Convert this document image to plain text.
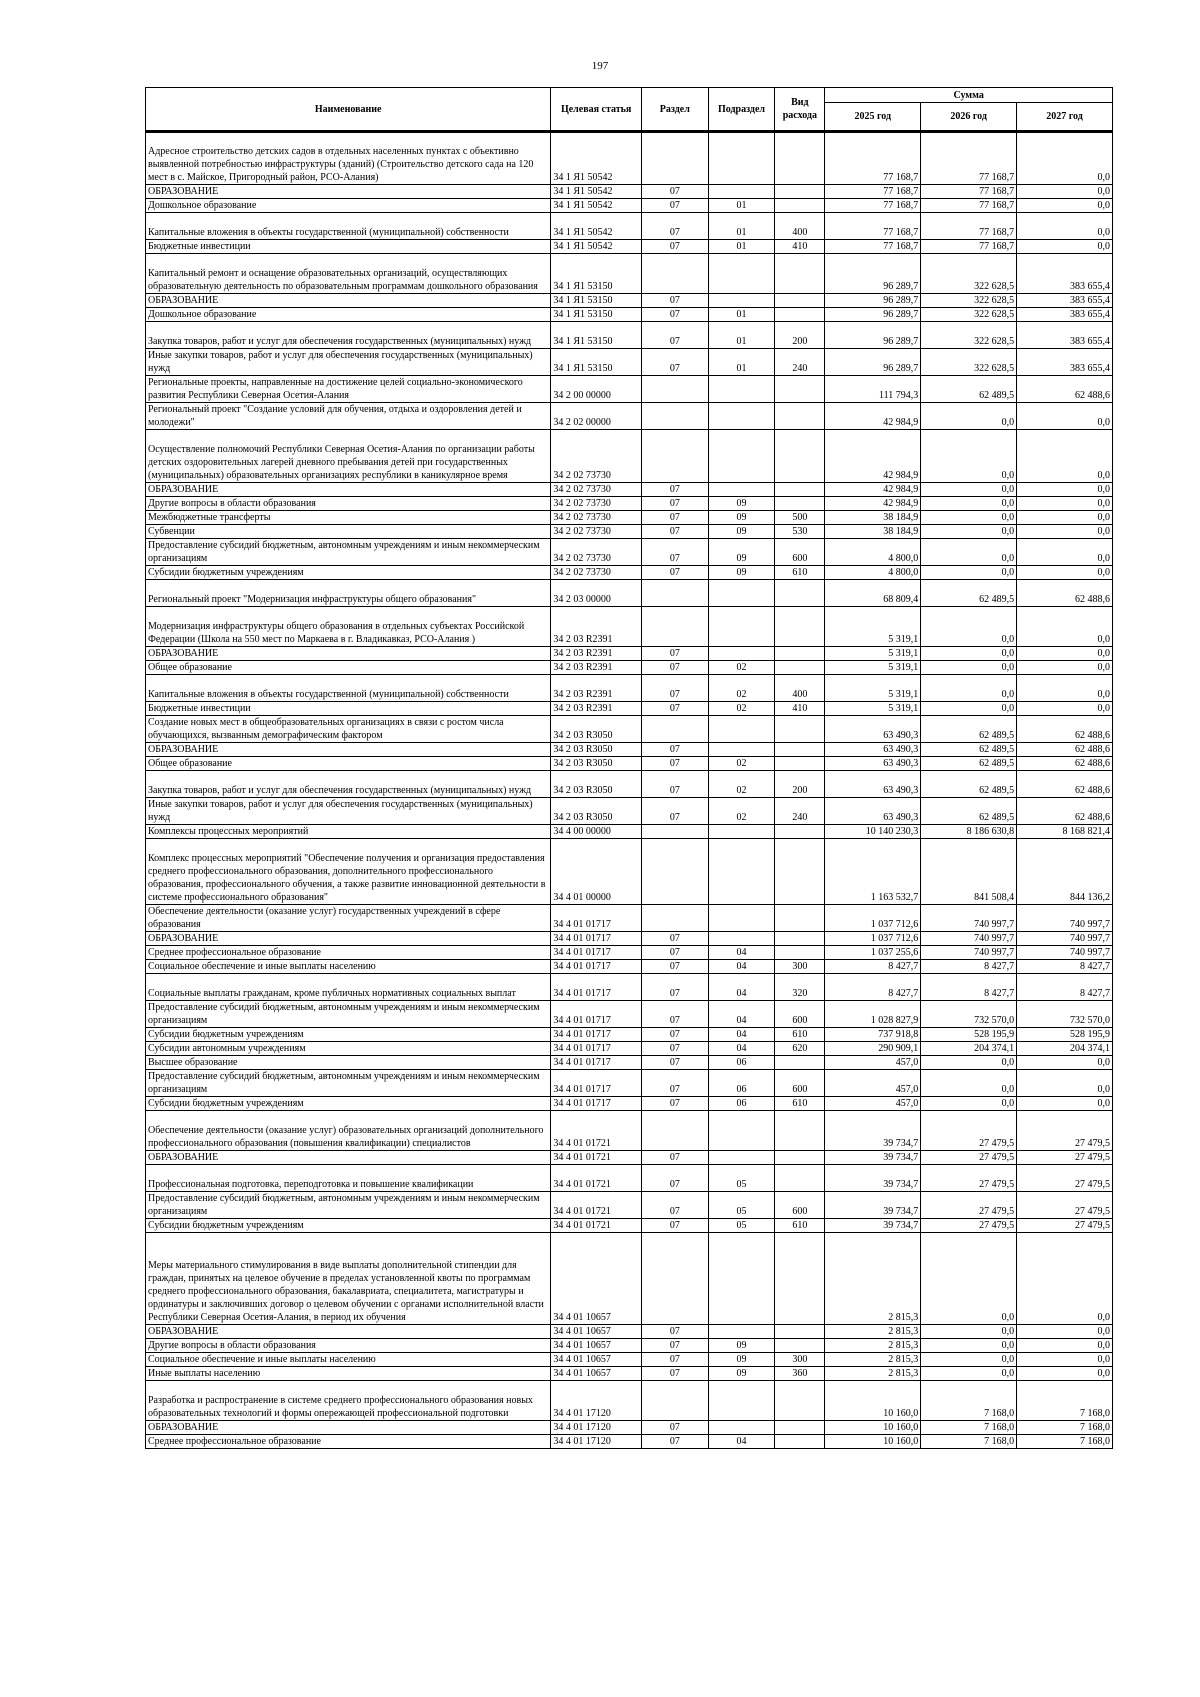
197
Наименование	Целевая статья	Раздел	Подраздел	Вид расхода	Сумма		
					2025 год	2026 год	2027 год
Адресное строительство детских садов в отдельных населенных пунктах с объективно выявленной потребностью инфраструктуры (зданий) (Строительство детского сада на 120 мест в с. Майское, Пригородный район, РСО-Алания)	34 1 Я1 50542				77 168,7	77 168,7	0,0
ОБРАЗОВАНИЕ	34 1 Я1 50542	07			77 168,7	77 168,7	0,0
Дошкольное образование	34 1 Я1 50542	07	01		77 168,7	77 168,7	0,0
Капитальные вложения в объекты государственной (муниципальной) собственности	34 1 Я1 50542	07	01	400	77 168,7	77 168,7	0,0
Бюджетные инвестиции	34 1 Я1 50542	07	01	410	77 168,7	77 168,7	0,0
Капитальный ремонт и оснащение образовательных организаций, осуществляющих образовательную деятельность по образовательным программам дошкольного образования	34 1 Я1 53150				96 289,7	322 628,5	383 655,4
ОБРАЗОВАНИЕ	34 1 Я1 53150	07			96 289,7	322 628,5	383 655,4
Дошкольное образование	34 1 Я1 53150	07	01		96 289,7	322 628,5	383 655,4
Закупка товаров, работ и услуг для обеспечения государственных (муниципальных) нужд	34 1 Я1 53150	07	01	200	96 289,7	322 628,5	383 655,4
Иные закупки товаров, работ и услуг для обеспечения государственных (муниципальных) нужд	34 1 Я1 53150	07	01	240	96 289,7	322 628,5	383 655,4
Региональные проекты, направленные на достижение целей социально-экономического развития Республики Северная Осетия-Алания	34 2 00 00000				111 794,3	62 489,5	62 488,6
Региональный проект "Создание условий для обучения, отдыха и оздоровления детей и молодежи"	34 2 02 00000				42 984,9	0,0	0,0
Осуществление полномочий Республики Северная Осетия-Алания по организации работы детских оздоровительных лагерей дневного пребывания детей при государственных (муниципальных) образовательных организациях республики в каникулярное время	34 2 02 73730				42 984,9	0,0	0,0
ОБРАЗОВАНИЕ	34 2 02 73730	07			42 984,9	0,0	0,0
Другие вопросы в области образования	34 2 02 73730	07	09		42 984,9	0,0	0,0
Межбюджетные трансферты	34 2 02 73730	07	09	500	38 184,9	0,0	0,0
Субвенции	34 2 02 73730	07	09	530	38 184,9	0,0	0,0
Предоставление субсидий бюджетным, автономным учреждениям и иным некоммерческим организациям	34 2 02 73730	07	09	600	4 800,0	0,0	0,0
Субсидии бюджетным учреждениям	34 2 02 73730	07	09	610	4 800,0	0,0	0,0
Региональный проект "Модернизация инфраструктуры общего образования"	34 2 03 00000				68 809,4	62 489,5	62 488,6
Модернизация инфраструктуры общего образования в отдельных субъектах Российской Федерации (Школа на 550 мест по Маркаева в г. Владикавказ, РСО-Алания )	34 2 03 R2391				5 319,1	0,0	0,0
ОБРАЗОВАНИЕ	34 2 03 R2391	07			5 319,1	0,0	0,0
Общее образование	34 2 03 R2391	07	02		5 319,1	0,0	0,0
Капитальные вложения в объекты государственной (муниципальной) собственности	34 2 03 R2391	07	02	400	5 319,1	0,0	0,0
Бюджетные инвестиции	34 2 03 R2391	07	02	410	5 319,1	0,0	0,0
Создание новых мест в общеобразовательных организациях в связи с ростом числа обучающихся, вызванным демографическим фактором	34 2 03 R3050				63 490,3	62 489,5	62 488,6
ОБРАЗОВАНИЕ	34 2 03 R3050	07			63 490,3	62 489,5	62 488,6
Общее образование	34 2 03 R3050	07	02		63 490,3	62 489,5	62 488,6
Закупка товаров, работ и услуг для обеспечения государственных (муниципальных) нужд	34 2 03 R3050	07	02	200	63 490,3	62 489,5	62 488,6
Иные закупки товаров, работ и услуг для обеспечения государственных (муниципальных) нужд	34 2 03 R3050	07	02	240	63 490,3	62 489,5	62 488,6
Комплексы процессных мероприятий	34 4 00 00000				10 140 230,3	8 186 630,8	8 168 821,4
Комплекс процессных мероприятий "Обеспечение получения и организация предоставления среднего профессионального образования, дополнительного профессионального образования, профессионального обучения, а также развитие инновационной деятельности в системе профессионального образования"	34 4 01 00000				1 163 532,7	841 508,4	844 136,2
Обеспечение деятельности (оказание услуг) государственных учреждений в сфере образования	34 4 01 01717				1 037 712,6	740 997,7	740 997,7
ОБРАЗОВАНИЕ	34 4 01 01717	07			1 037 712,6	740 997,7	740 997,7
Среднее профессиональное образование	34 4 01 01717	07	04		1 037 255,6	740 997,7	740 997,7
Социальное обеспечение и иные выплаты населению	34 4 01 01717	07	04	300	8 427,7	8 427,7	8 427,7
Социальные выплаты гражданам, кроме публичных нормативных социальных выплат	34 4 01 01717	07	04	320	8 427,7	8 427,7	8 427,7
Предоставление субсидий бюджетным, автономным учреждениям и иным некоммерческим организациям	34 4 01 01717	07	04	600	1 028 827,9	732 570,0	732 570,0
Субсидии бюджетным учреждениям	34 4 01 01717	07	04	610	737 918,8	528 195,9	528 195,9
Субсидии автономным учреждениям	34 4 01 01717	07	04	620	290 909,1	204 374,1	204 374,1
Высшее образование	34 4 01 01717	07	06		457,0	0,0	0,0
Предоставление субсидий бюджетным, автономным учреждениям и иным некоммерческим организациям	34 4 01 01717	07	06	600	457,0	0,0	0,0
Субсидии бюджетным учреждениям	34 4 01 01717	07	06	610	457,0	0,0	0,0
Обеспечение деятельности (оказание услуг) образовательных организаций дополнительного профессионального образования (повышения квалификации) специалистов	34 4 01 01721				39 734,7	27 479,5	27 479,5
ОБРАЗОВАНИЕ	34 4 01 01721	07			39 734,7	27 479,5	27 479,5
Профессиональная подготовка, переподготовка и повышение квалификации	34 4 01 01721	07	05		39 734,7	27 479,5	27 479,5
Предоставление субсидий бюджетным, автономным учреждениям и иным некоммерческим организациям	34 4 01 01721	07	05	600	39 734,7	27 479,5	27 479,5
Субсидии бюджетным учреждениям	34 4 01 01721	07	05	610	39 734,7	27 479,5	27 479,5
Меры материального стимулирования в виде выплаты дополнительной стипендии для граждан, принятых на целевое обучение в пределах установленной квоты по программам среднего профессионального образования, бакалавриата, специалитета, магистратуры и ординатуры и заключивших договор о целевом обучении с органами исполнительной власти Республики Северная Осетия-Алания, в период их обучения	34 4 01 10657				2 815,3	0,0	0,0
ОБРАЗОВАНИЕ	34 4 01 10657	07			2 815,3	0,0	0,0
Другие вопросы в области образования	34 4 01 10657	07	09		2 815,3	0,0	0,0
Социальное обеспечение и иные выплаты населению	34 4 01 10657	07	09	300	2 815,3	0,0	0,0
Иные выплаты населению	34 4 01 10657	07	09	360	2 815,3	0,0	0,0
Разработка и распространение в системе среднего профессионального образования новых образовательных технологий и формы опережающей профессиональной подготовки	34 4 01 17120				10 160,0	7 168,0	7 168,0
ОБРАЗОВАНИЕ	34 4 01 17120	07			10 160,0	7 168,0	7 168,0
Среднее профессиональное образование	34 4 01 17120	07	04		10 160,0	7 168,0	7 168,0
